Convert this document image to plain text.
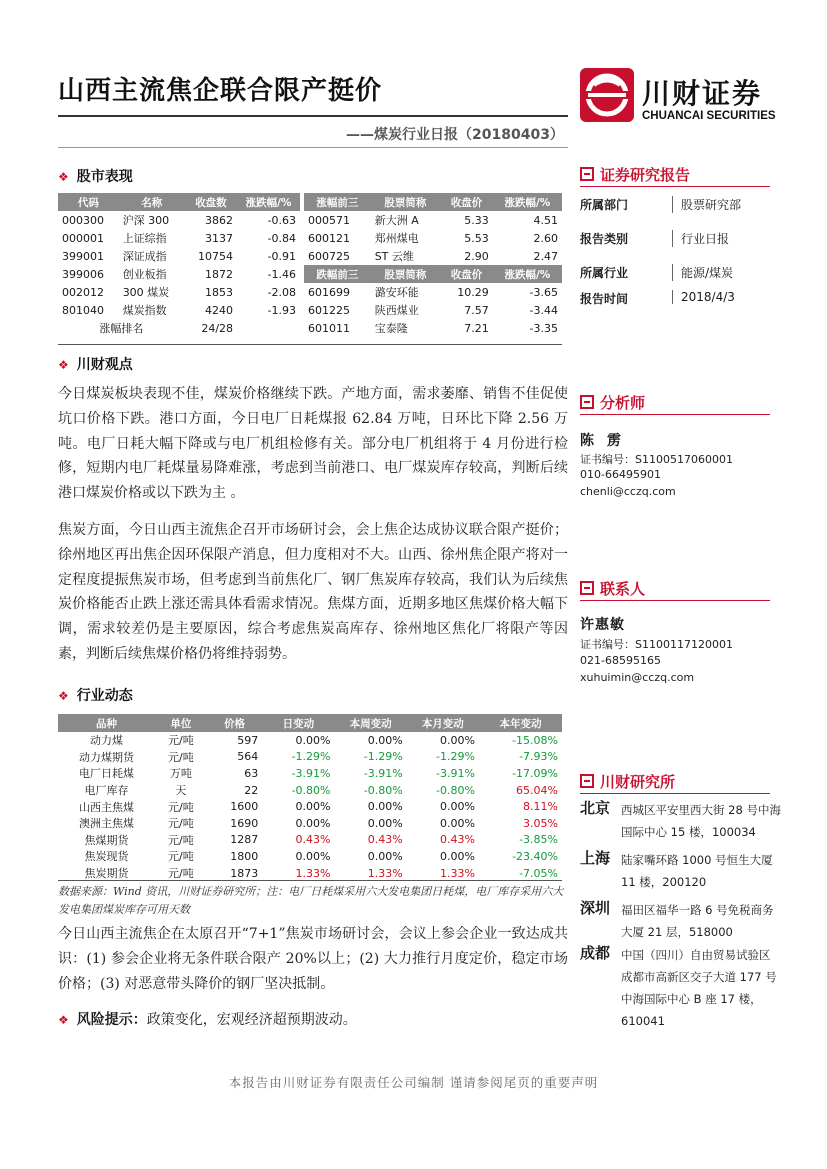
山西主流焦企联合限产挺价
——煤炭行业日报（20180403）
川财证券
CHUANCAI SECURITIES
❖ 股市表现
代码	名称	收盘数	涨跌幅/%
000300	沪深 300	3862	-0.63
000001	上证综指	3137	-0.84
399001	深证成指	10754	-0.91
399006	创业板指	1872	-1.46
002012	300 煤炭	1853	-2.08
801040	煤炭指数	4240	-1.93
涨幅排名		24/28	
涨幅前三	股票简称	收盘价	涨跌幅/%
000571	新大洲 A	5.33	4.51
600121	郑州煤电	5.53	2.60
600725	ST 云维	2.90	2.47
跌幅前三	股票简称	收盘价	涨跌幅/%
601699	潞安环能	10.29	-3.65
601225	陕西煤业	7.57	-3.44
601011	宝泰隆	7.21	-3.35
❖ 川财观点
今日煤炭板块表现不佳，煤炭价格继续下跌。产地方面，需求萎靡、销售不佳促使坑口价格下跌。港口方面，今日电厂日耗煤报 62.84 万吨，日环比下降 2.56 万吨。电厂日耗大幅下降或与电厂机组检修有关。部分电厂机组将于 4 月份进行检修，短期内电厂耗煤量易降难涨，考虑到当前港口、电厂煤炭库存较高，判断后续港口煤炭价格或以下跌为主 。
焦炭方面，今日山西主流焦企召开市场研讨会，会上焦企达成协议联合限产挺价；徐州地区再出焦企因环保限产消息，但力度相对不大。山西、徐州焦企限产将对一定程度提振焦炭市场，但考虑到当前焦化厂、钢厂焦炭库存较高，我们认为后续焦炭价格能否止跌上涨还需具体看需求情况。焦煤方面，近期多地区焦煤价格大幅下调，需求较差仍是主要原因，综合考虑焦炭高库存、徐州地区焦化厂将限产等因素，判断后续焦煤价格仍将维持弱势。
❖ 行业动态
品种	单位	价格	日变动	本周变动	本月变动	本年变动
动力煤	元/吨	597	0.00%	0.00%	0.00%	-15.08%
动力煤期货	元/吨	564	-1.29%	-1.29%	-1.29%	-7.93%
电厂日耗煤	万吨	63	-3.91%	-3.91%	-3.91%	-17.09%
电厂库存	天	22	-0.80%	-0.80%	-0.80%	65.04%
山西主焦煤	元/吨	1600	0.00%	0.00%	0.00%	8.11%
澳洲主焦煤	元/吨	1690	0.00%	0.00%	0.00%	3.05%
焦煤期货	元/吨	1287	0.43%	0.43%	0.43%	-3.85%
焦炭现货	元/吨	1800	0.00%	0.00%	0.00%	-23.40%
焦炭期货	元/吨	1873	1.33%	1.33%	1.33%	-7.05%
数据来源：Wind 资讯，川财证券研究所；注：电厂日耗煤采用六大发电集团日耗煤，电厂库存采用六大发电集团煤炭库存可用天数
今日山西主流焦企在太原召开“7+1”焦炭市场研讨会，会议上参会企业一致达成共识：(1) 参会企业将无条件联合限产 20%以上；(2) 大力推行月度定价，稳定市场价格；(3) 对恶意带头降价的钢厂坚决抵制。
❖ 风险提示：政策变化，宏观经济超预期波动。
本报告由川财证券有限责任公司编制 谨请参阅尾页的重要声明
证券研究报告
所属部门	股票研究部
报告类别	行业日报
所属行业	能源/煤炭
报告时间	2018/4/3
分析师
陈 雳
证书编号：S1100517060001
010-66495901
chenli@cczq.com
联系人
许惠敏
证书编号：S1100117120001
021-68595165
xuhuimin@cczq.com
川财研究所
北京 西城区平安里西大街 28 号中海国际中心 15 楼，100034
上海 陆家嘴环路 1000 号恒生大厦 11 楼，200120
深圳 福田区福华一路 6 号免税商务大厦 21 层，518000
成都 中国（四川）自由贸易试验区成都市高新区交子大道 177 号中海国际中心 B 座 17 楼，610041
